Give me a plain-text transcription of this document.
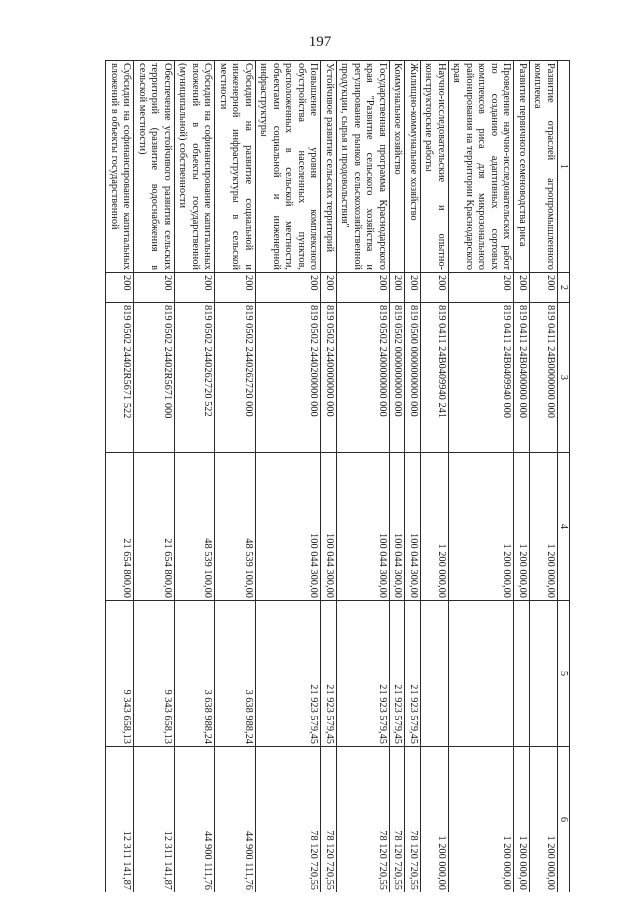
197
1	2	3	4	5	6
Развитие отраслей агропромышленного комплекса	200	819 0411 24В0000000 000	1 200 000,00		1 200 000,00
Развитие первичного семеноводства риса	200	819 0411 24В0400000 000	1 200 000,00		1 200 000,00
Проведение научно-исследовательских работ по созданию адаптивных сортовых комплексов риса для микрозонального районирования на территории Краснодарского края	200	819 0411 24В0409940 000	1 200 000,00		1 200 000,00
Научно-исследовательские и опытно-конструкторские работы	200	819 0411 24В0409940 241	1 200 000,00		1 200 000,00
Жилищно-коммунальное хозяйство	200	819 0500 0000000000 000	100 044 300,00	21 923 579,45	78 120 720,55
Коммунальное хозяйство	200	819 0502 0000000000 000	100 044 300,00	21 923 579,45	78 120 720,55
Государственная программа Краснодарского края "Развитие сельского хозяйства и регулирование рынков сельскохозяйственной продукции, сырья и продовольствия"	200	819 0502 2400000000 000	100 044 300,00	21 923 579,45	78 120 720,55
Устойчивое развитие сельских территорий	200	819 0502 2440000000 000	100 044 300,00	21 923 579,45	78 120 720,55
Повышение уровня комплексного обустройства населенных пунктов, расположенных в сельской местности, объектами социальной и инженерной инфраструктуры	200	819 0502 2440200000 000	100 044 300,00	21 923 579,45	78 120 720,55
Субсидии на развитие социальной и инженерной инфраструктуры в сельской местности	200	819 0502 2440262720 000	48 539 100,00	3 638 988,24	44 900 111,76
Субсидии на софинансирование капитальных вложений в объекты государственной (муниципальной) собственности	200	819 0502 2440262720 522	48 539 100,00	3 638 988,24	44 900 111,76
Обеспечение устойчивого развития сельских территорий (развитие водоснабжения в сельской местности)	200	819 0502 24402R5671 000	21 654 800,00	9 343 658,13	12 311 141,87
Субсидии на софинансирование капитальных вложений в объекты государственной	200	819 0502 24402R5671 522	21 654 800,00	9 343 658,13	12 311 141,87
